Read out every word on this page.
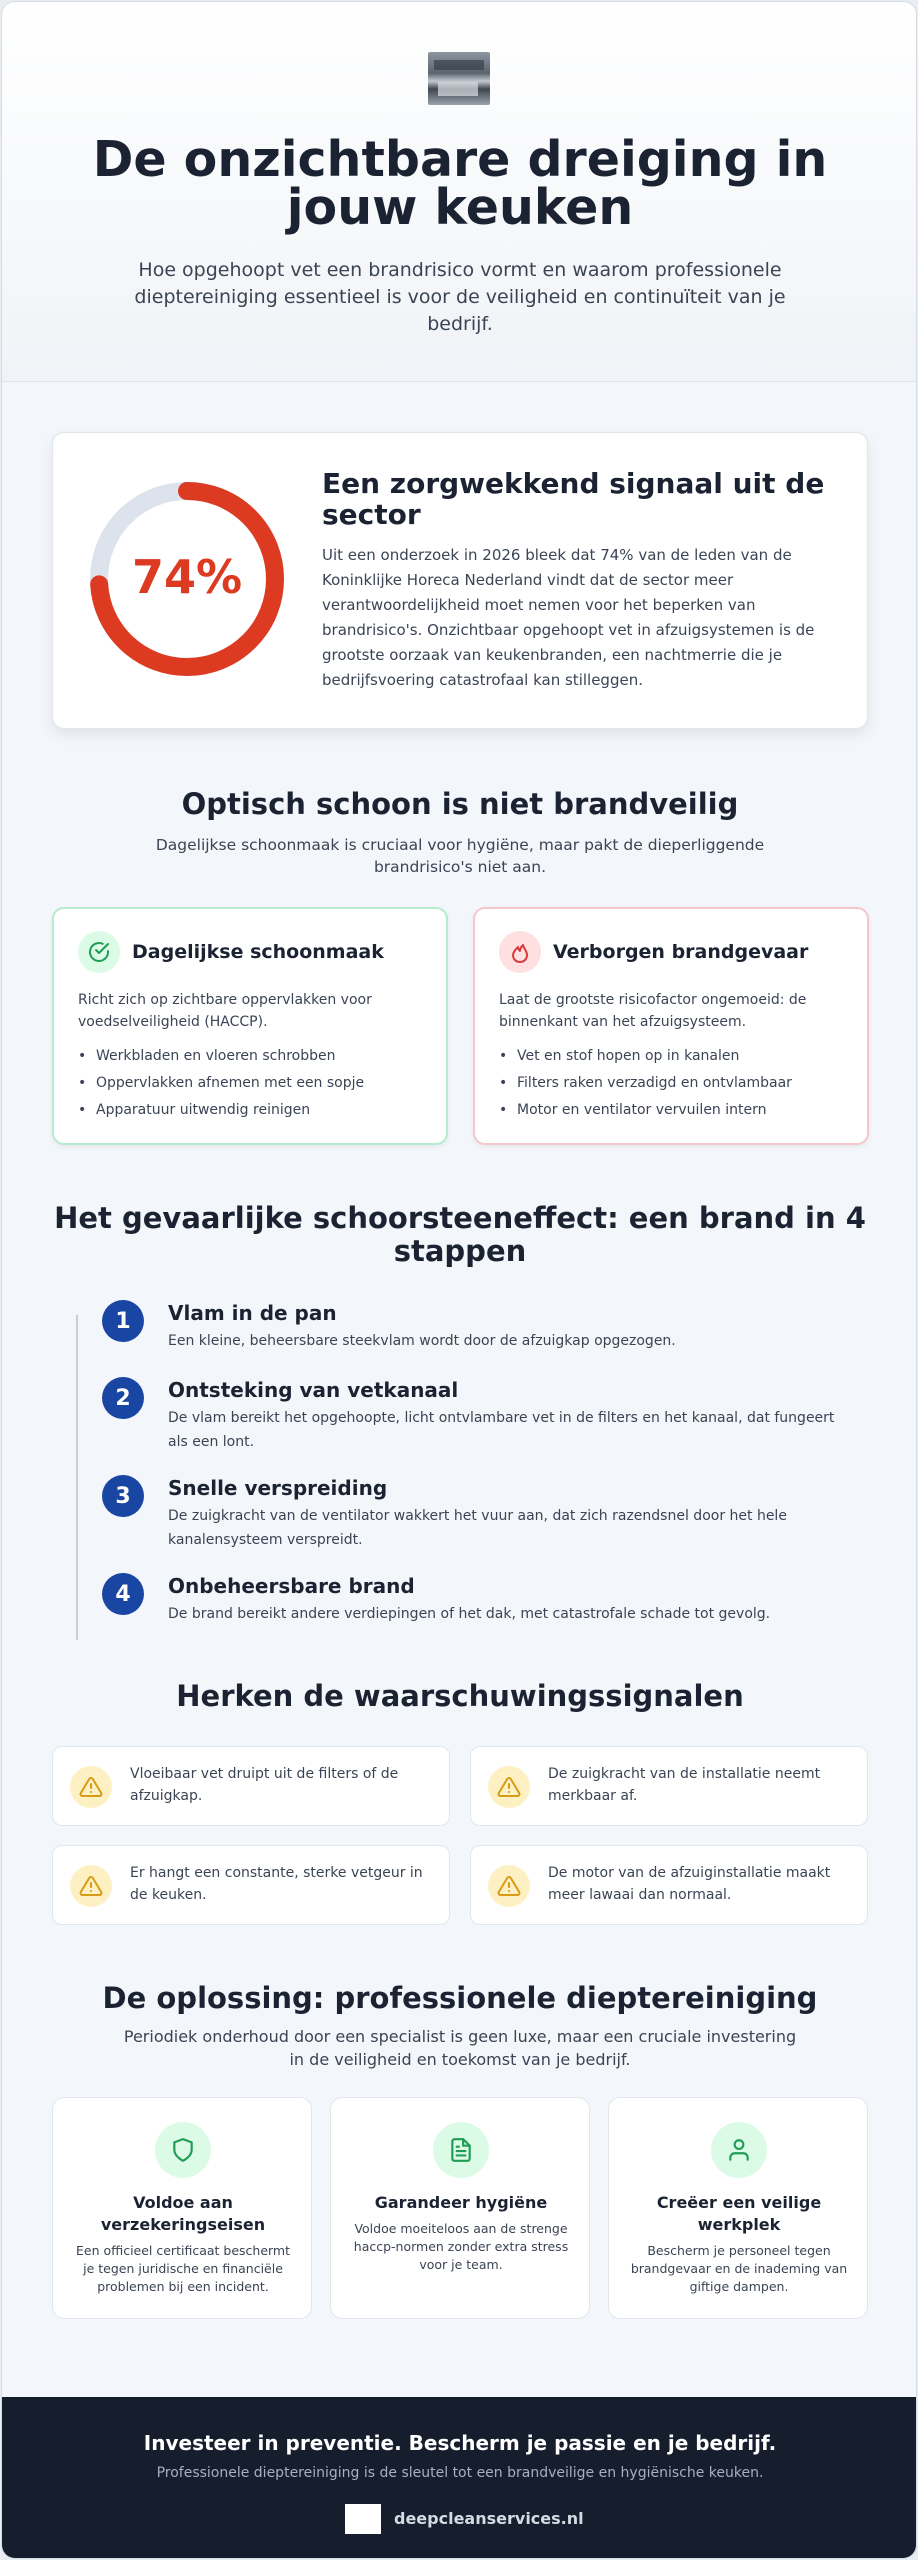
De onzichtbare dreiging in jouw keuken

Hoe opgehoopt vet een brandrisico vormt en waarom professionele dieptereiniging essentieel is voor de veiligheid en continuïteit van je bedrijf.

74%
Een zorgwekkend signaal uit de sector

Uit een onderzoek in 2026 bleek dat 74% van de leden van de Koninklijke Horeca Nederland vindt dat de sector meer verantwoordelijkheid moet nemen voor het beperken van brandrisico's. Onzichtbaar opgehoopt vet in afzuigsystemen is de grootste oorzaak van keukenbranden, een nachtmerrie die je bedrijfsvoering catastrofaal kan stilleggen.

Optisch schoon is niet brandveilig

Dagelijkse schoonmaak is cruciaal voor hygiëne, maar pakt de dieperliggende brandrisico's niet aan.

Dagelijkse schoonmaak

Richt zich op zichtbare oppervlakken voor voedselveiligheid (HACCP).

• Werkbladen en vloeren schrobben
• Oppervlakken afnemen met een sopje
• Apparatuur uitwendig reinigen
Verborgen brandgevaar

Laat de grootste risicofactor ongemoeid: de binnenkant van het afzuigsysteem.

• Vet en stof hopen op in kanalen
• Filters raken verzadigd en ontvlambaar
• Motor en ventilator vervuilen intern
Het gevaarlijke schoorsteeneffect: een brand in 4 stappen
1	Vlam in de pan

Een kleine, beheersbare steekvlam wordt door de afzuigkap opgezogen.

2	Ontsteking van vetkanaal

De vlam bereikt het opgehoopte, licht ontvlambare vet in de filters en het kanaal, dat fungeert als een lont.

3	Snelle verspreiding

De zuigkracht van de ventilator wakkert het vuur aan, dat zich razendsnel door het hele kanalensysteem verspreidt.

4	Onbeheersbare brand

De brand bereikt andere verdiepingen of het dak, met catastrofale schade tot gevolg.

Herken de waarschuwingssignalen

Vloeibaar vet druipt uit de filters of de afzuigkap.

De zuigkracht van de installatie neemt merkbaar af.

Er hangt een constante, sterke vetgeur in de keuken.

De motor van de afzuiginstallatie maakt meer lawaai dan normaal.

De oplossing: professionele dieptereiniging

Periodiek onderhoud door een specialist is geen luxe, maar een cruciale investering in de veiligheid en toekomst van je bedrijf.

Voldoe aan verzekeringseisen

Een officieel certificaat beschermt je tegen juridische en financiële problemen bij een incident.

Garandeer hygiëne

Voldoe moeiteloos aan de strenge haccp-normen zonder extra stress voor je team.

Creëer een veilige werkplek

Bescherm je personeel tegen brandgevaar en de inademing van giftige dampen.

Investeer in preventie. Bescherm je passie en je bedrijf.
Professionele dieptereiniging is de sleutel tot een brandveilige en hygiënische keuken.
deepcleanservices.nl
